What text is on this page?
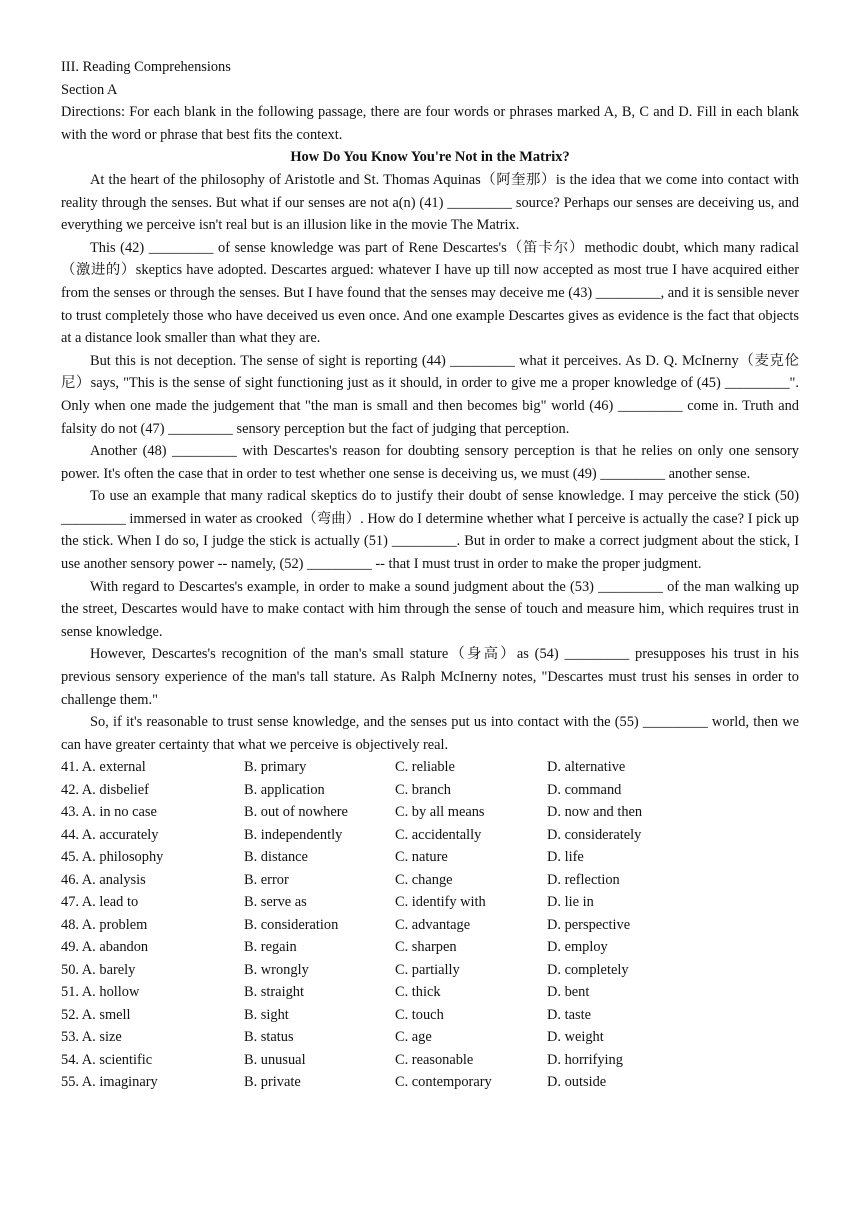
III. Reading Comprehensions

Section A

Directions: For each blank in the following passage, there are four words or phrases marked A, B, C and D. Fill in each blank with the word or phrase that best fits the context.

How Do You Know You're Not in the Matrix?

At the heart of the philosophy of Aristotle and St. Thomas Aquinas（阿奎那）is the idea that we come into contact with reality through the senses. But what if our senses are not a(n) (41) _________ source? Perhaps our senses are deceiving us, and everything we perceive isn't real but is an illusion like in the movie The Matrix.

This (42) _________ of sense knowledge was part of Rene Descartes's（笛卡尔）methodic doubt, which many radical（激进的）skeptics have adopted. Descartes argued: whatever I have up till now accepted as most true I have acquired either from the senses or through the senses. But I have found that the senses may deceive me (43) _________, and it is sensible never to trust completely those who have deceived us even once. And one example Descartes gives as evidence is the fact that objects at a distance look smaller than what they are.

But this is not deception. The sense of sight is reporting (44) _________ what it perceives. As D. Q. McInerny（麦克伦尼）says, "This is the sense of sight functioning just as it should, in order to give me a proper knowledge of (45) _________". Only when one made the judgement that "the man is small and then becomes big" world (46) _________ come in. Truth and falsity do not (47) _________ sensory perception but the fact of judging that perception.

Another (48) _________ with Descartes's reason for doubting sensory perception is that he relies on only one sensory power. It's often the case that in order to test whether one sense is deceiving us, we must (49) _________ another sense.

To use an example that many radical skeptics do to justify their doubt of sense knowledge. I may perceive the stick (50) _________ immersed in water as crooked（弯曲）. How do I determine whether what I perceive is actually the case? I pick up the stick. When I do so, I judge the stick is actually (51) _________. But in order to make a correct judgment about the stick, I use another sensory power -- namely, (52) _________ -- that I must trust in order to make the proper judgment.

With regard to Descartes's example, in order to make a sound judgment about the (53) _________ of the man walking up the street, Descartes would have to make contact with him through the sense of touch and measure him, which requires trust in sense knowledge.

However, Descartes's recognition of the man's small stature（身高）as (54) _________ presupposes his trust in his previous sensory experience of the man's tall stature. As Ralph McInerny notes, "Descartes must trust his senses in order to challenge them."

So, if it's reasonable to trust sense knowledge, and the senses put us into contact with the (55) _________ world, then we can have greater certainty that what we perceive is objectively real.

41. A. external	B. primary	C. reliable	D. alternative
42. A. disbelief	B. application	C. branch	D. command
43. A. in no case	B. out of nowhere	C. by all means	D. now and then
44. A. accurately	B. independently	C. accidentally	D. considerately
45. A. philosophy	B. distance	C. nature	D. life
46. A. analysis	B. error	C. change	D. reflection
47. A. lead to	B. serve as	C. identify with	D. lie in
48. A. problem	B. consideration	C. advantage	D. perspective
49. A. abandon	B. regain	C. sharpen	D. employ
50. A. barely	B. wrongly	C. partially	D. completely
51. A. hollow	B. straight	C. thick	D. bent
52. A. smell	B. sight	C. touch	D. taste
53. A. size	B. status	C. age	D. weight
54. A. scientific	B. unusual	C. reasonable	D. horrifying
55. A. imaginary	B. private	C. contemporary	D. outside
